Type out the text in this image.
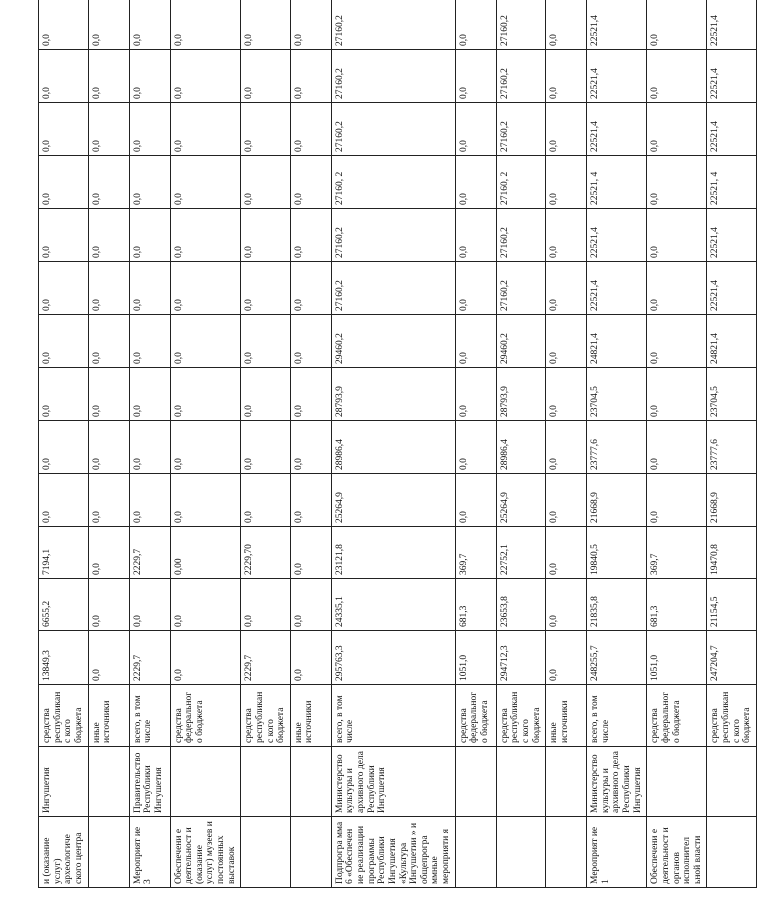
и (оказание услуг) археологиче ского центра	Ингушетия	средства республиканс кого бюджета	13849,3	6655,2	7194,1	0,0	0,0	0,0	0,0	0,0	0,0	0,0	0,0	0,0	0,0
		иные источники	0,0	0,0	0,0	0,0	0,0	0,0	0,0	0,0	0,0	0,0	0,0	0,0	0,0
Мероприят ие 3	Правительство Республики Ингушетия	всего, в том числе	2229,7	0,0	2229,7	0,0	0,0	0,0	0,0	0,0	0,0	0,0	0,0	0,0	0,0
Обеспечени е деятельност и (оказание услуг) музеев и постоянных выставок		средства федерального бюджета	0,0	0,0	0,00	0,0	0,0	0,0	0,0	0,0	0,0	0,0	0,0	0,0	0,0
		средства республиканс кого бюджета	2229,7	0,0	2229,70	0,0	0,0	0,0	0,0	0,0	0,0	0,0	0,0	0,0	0,0
		иные источники	0,0	0,0	0,0	0,0	0,0	0,0	0,0	0,0	0,0	0,0	0,0	0,0	0,0
Подпрогра мма 6 «Обеспечен ие реализации программы Республики Ингушетия «Культура Ингушетии » и общепрогра ммные мероприяти я	Министерство культуры и архивного дела Республики Ингушетия	всего, в том числе	295763,3	24335,1	23121,8	25264,9	28986,4	28793,9	29460,2	27160,2	27160,2	27160, 2	27160,2	27160,2	27160,2
		средства федерального бюджета	1051,0	681,3	369,7	0,0	0,0	0,0	0,0	0,0	0,0	0,0	0,0	0,0	0,0
		средства республиканс кого бюджета	294712,3	23653,8	22752,1	25264,9	28986,4	28793,9	29460,2	27160,2	27160,2	27160, 2	27160,2	27160,2	27160,2
		иные источники	0,0	0,0	0,0	0,0	0,0	0,0	0,0	0,0	0,0	0,0	0,0	0,0	0,0
Мероприят ие 1	Министерство культуры и архивного дела Республики Ингушетия	всего, в том числе	248255,7	21835,8	19840,5	21668,9	23777,6	23704,5	24821,4	22521,4	22521,4	22521, 4	22521,4	22521,4	22521,4
Обеспечени е деятельност и органов исполнител ьной власти		средства федерального бюджета	1051,0	681,3	369,7	0,0	0,0	0,0	0,0	0,0	0,0	0,0	0,0	0,0	0,0
		средства республиканс кого бюджета	247204,7	21154,5	19470,8	21668,9	23777,6	23704,5	24821,4	22521,4	22521,4	22521, 4	22521,4	22521,4	22521,4
